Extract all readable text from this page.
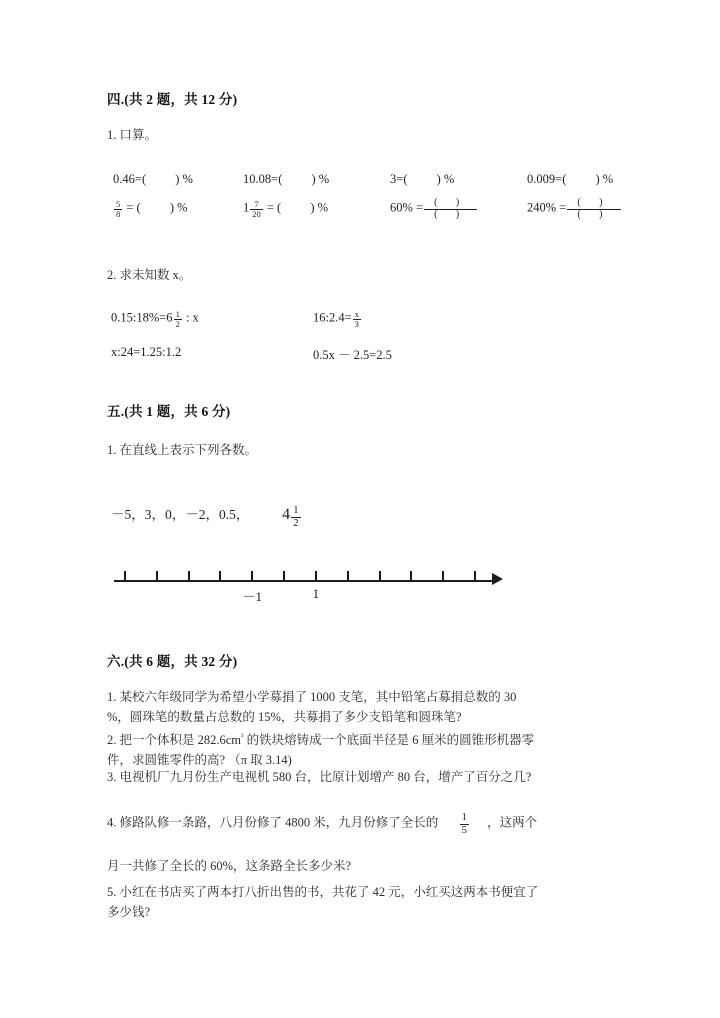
四.(共 2 题，共 12 分)
1. 口算。
0.46=( ) %	10.08=( ) %	3=( ) %	0.009=( ) %
$\frac{5}{8}$ = ( ) %	$1 \frac{7}{20}$ = ( ) %	$60\% = \frac{( )}{( )}$	$240\% = \frac{( )}{( )}$
2. 求未知数 x。
0.15:18%=6 $\frac{1}{2}$ : x	16:2.4= $\frac{x}{3}$
x:24=1.25:1.2	0.5x － 2.5=2.5
五.(共 1 题，共 6 分)
1. 在直线上表示下列各数。
－5，3，0，－2，0.5， $4 \frac{1}{2}$
－1	1
六.(共 6 题，共 32 分)
1. 某校六年级同学为希望小学募捐了 1000 支笔，其中铅笔占募捐总数的 30
%，圆珠笔的数量占总数的 15%，共募捐了多少支铅笔和圆珠笔?
2. 把一个体积是 $282.6cm^{^3}$ 的铁块熔铸成一个底面半径是 6 厘米的圆锥形机器零
件，求圆锥零件的高? （π 取 3.14)
3. 电视机厂九月份生产电视机 580 台，比原计划增产 80 台，增产了百分之几?
4. 修路队修一条路，八月份修了 4800 米，九月份修了全长的 $\frac{1}{5}$ ，这两个
月一共修了全长的 60%，这条路全长多少米?
5. 小红在书店买了两本打八折出售的书，共花了 42 元，小红买这两本书便宜了
多少钱?
